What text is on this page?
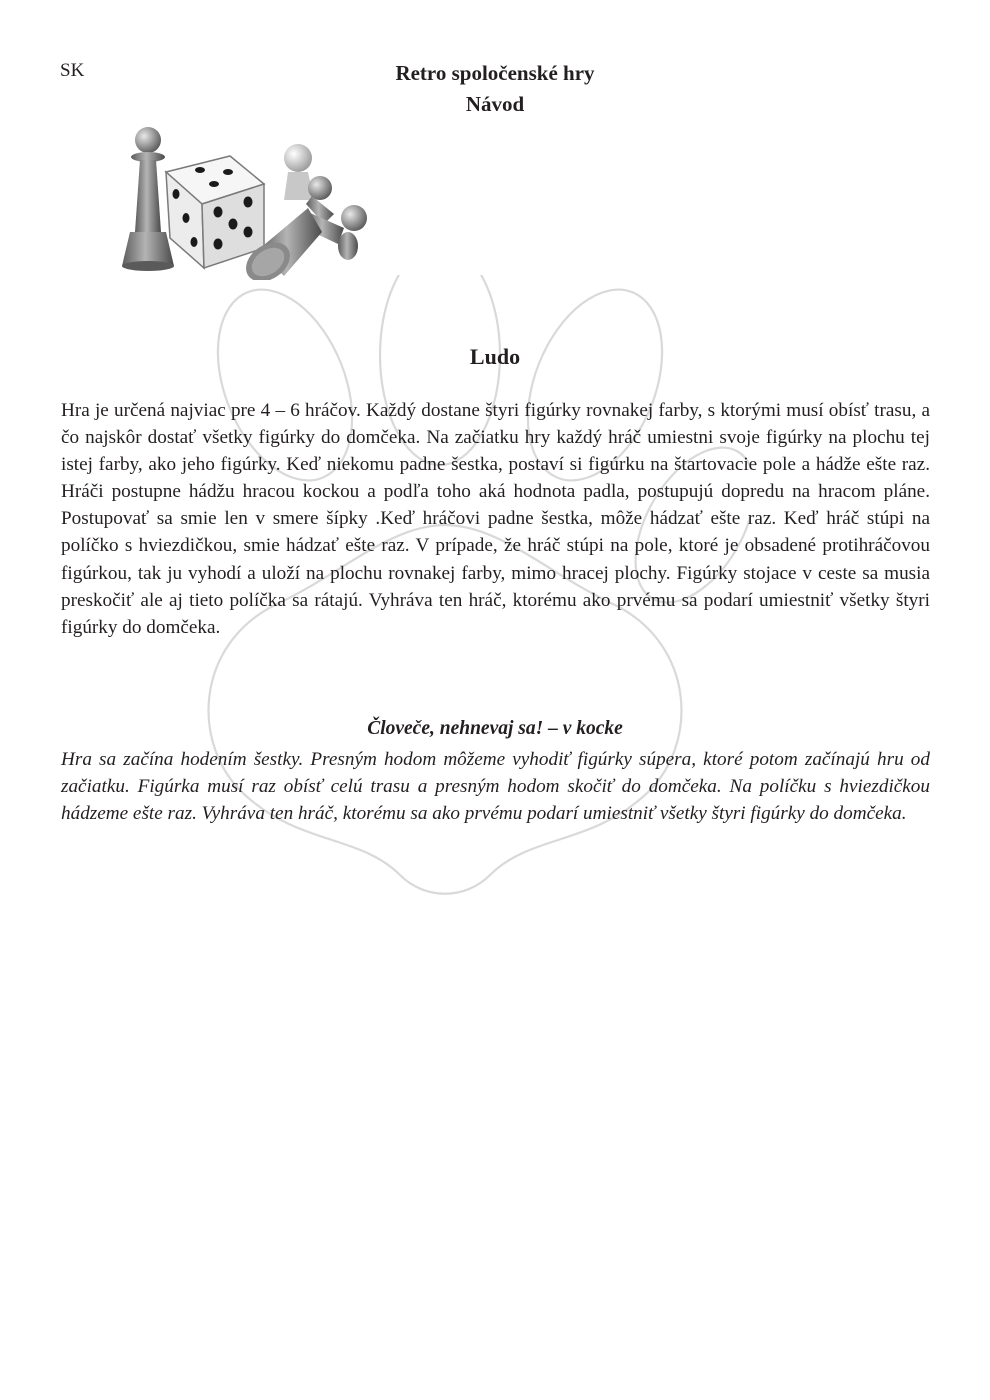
SK	Retro spoločenské hry
Návod
Ludo

Hra je určená najviac pre 4 – 6 hráčov. Každý dostane štyri figúrky rovnakej farby, s ktorými musí obísť trasu, a čo najskôr dostať všetky figúrky do domčeka. Na začiatku hry každý hráč umiestni svoje figúrky na plochu tej istej farby, ako jeho figúrky. Keď niekomu padne šestka, postaví si figúrku na štartovacie pole a hádže ešte raz. Hráči postupne hádžu hracou kockou a podľa toho aká hodnota padla, postupujú dopredu na hracom pláne. Postupovať sa smie len v smere šípky .Keď hráčovi padne šestka, môže hádzať ešte raz. Keď hráč stúpi na políčko s hviezdičkou, smie hádzať ešte raz. V prípade, že hráč stúpi na pole, ktoré je obsadené protihráčovou figúrkou, tak ju vyhodí a uloží na plochu rovnakej farby, mimo hracej plochy. Figúrky stojace v ceste sa musia preskočiť ale aj tieto políčka sa rátajú. Vyhráva ten hráč, ktorému ako prvému sa podarí umiestniť všetky štyri figúrky do domčeka.

Človeče, nehnevaj sa! – v kocke

Hra sa začína hodením šestky. Presným hodom môžeme vyhodiť figúrky súpera, ktoré potom začínajú hru od začiatku. Figúrka musí raz obísť celú trasu a presným hodom skočiť do domčeka. Na políčku s hviezdičkou hádzeme ešte raz. Vyhráva ten hráč, ktorému sa ako prvému podarí umiestniť všetky štyri figúrky do domčeka.
